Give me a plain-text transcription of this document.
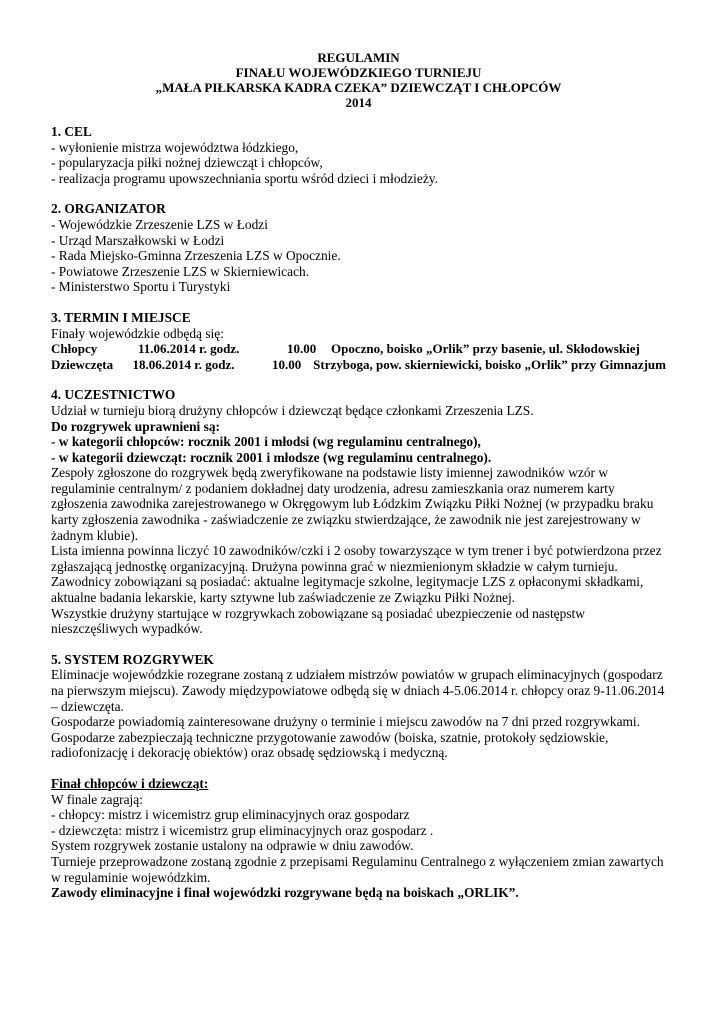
REGULAMIN
FINAŁU WOJEWÓDZKIEGO TURNIEJU
„MAŁA PIŁKARSKA KADRA CZEKA” DZIEWCZĄT I CHŁOPCÓW
2014
1. CEL
- wyłonienie mistrza województwa łódzkiego,
- popularyzacja piłki nożnej dziewcząt i chłopców,
- realizacja programu upowszechniania sportu wśród dzieci i młodzieży.
2. ORGANIZATOR
- Wojewódzkie Zrzeszenie LZS w Łodzi
- Urząd Marszałkowski w Łodzi
- Rada Miejsko-Gminna Zrzeszenia LZS w Opocznie.
- Powiatowe Zrzeszenie LZS w Skierniewicach.
- Ministerstwo Sportu i Turystyki
3. TERMIN I MIEJSCE
Finały wojewódzkie odbędą się:
Chłopcy	11.06.2014 r. godz.	10.00	Opoczno, boisko „Orlik” przy basenie, ul. Skłodowskiej
Dziewczęta	18.06.2014 r. godz.	10.00 Strzyboga, pow. skierniewicki, boisko „Orlik” przy Gimnazjum
4. UCZESTNICTWO
Udział w turnieju biorą drużyny chłopców i dziewcząt będące członkami Zrzeszenia LZS.
Do rozgrywek uprawnieni są:
- w kategorii chłopców: rocznik 2001 i młodsi (wg regulaminu centralnego),
- w kategorii dziewcząt: rocznik 2001 i młodsze (wg regulaminu centralnego).
Zespoły zgłoszone do rozgrywek będą zweryfikowane na podstawie listy imiennej zawodników wzór w
regulaminie centralnym/ z podaniem dokładnej daty urodzenia, adresu zamieszkania oraz numerem karty
zgłoszenia zawodnika zarejestrowanego w Okręgowym lub Łódzkim Związku Piłki Nożnej (w przypadku braku
karty zgłoszenia zawodnika - zaświadczenie ze związku stwierdzające, że zawodnik nie jest zarejestrowany w
żadnym klubie).
Lista imienna powinna liczyć 10 zawodników/czki i 2 osoby towarzyszące w tym trener i być potwierdzona przez
zgłaszającą jednostkę organizacyjną. Drużyna powinna grać w niezmienionym składzie w całym turnieju.
Zawodnicy zobowiązani są posiadać: aktualne legitymacje szkolne, legitymacje LZS z opłaconymi składkami,
aktualne badania lekarskie, karty sztywne lub zaświadczenie ze Związku Piłki Nożnej.
Wszystkie drużyny startujące w rozgrywkach zobowiązane są posiadać ubezpieczenie od następstw
nieszczęśliwych wypadków.
5. SYSTEM ROZGRYWEK
Eliminacje wojewódzkie rozegrane zostaną z udziałem mistrzów powiatów w grupach eliminacyjnych (gospodarz
na pierwszym miejscu). Zawody międzypowiatowe odbędą się w dniach 4-5.06.2014 r. chłopcy oraz 9-11.06.2014
– dziewczęta.
Gospodarze powiadomią zainteresowane drużyny o terminie i miejscu zawodów na 7 dni przed rozgrywkami.
Gospodarze zabezpieczają techniczne przygotowanie zawodów (boiska, szatnie, protokoły sędziowskie,
radiofonizację i dekorację obiektów) oraz obsadę sędziowską i medyczną.
Finał chłopców i dziewcząt:
W finale zagrają:
- chłopcy: mistrz i wicemistrz grup eliminacyjnych oraz gospodarz
- dziewczęta: mistrz i wicemistrz grup eliminacyjnych oraz gospodarz .
System rozgrywek zostanie ustalony na odprawie w dniu zawodów.
Turnieje przeprowadzone zostaną zgodnie z przepisami Regulaminu Centralnego z wyłączeniem zmian zawartych
w regulaminie wojewódzkim.
Zawody eliminacyjne i finał wojewódzki rozgrywane będą na boiskach „ORLIK”.
